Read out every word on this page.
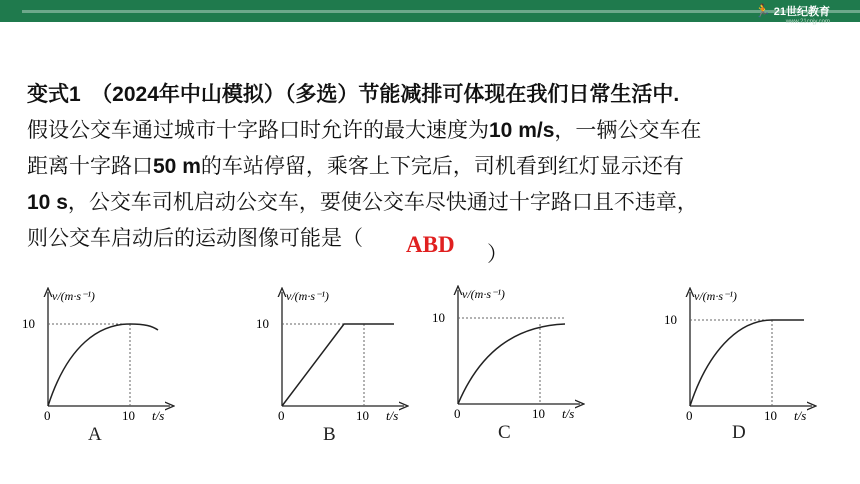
🏃 21世纪教育
www.21cnjy.com
变式1　（2024年中山模拟）（多选）节能减排可体现在我们日常生活中.
假设公交车通过城市十字路口时允许的最大速度为10 m/s，一辆公交车在
距离十字路口50 m的车站停留，乘客上下完后，司机看到红灯显示还有
10 s，公交车司机启动公交车，要使公交车尽快通过十字路口且不违章，
则公交车启动后的运动图像可能是（	ABD ）
v/(m·s⁻¹)
10
0	10 t/s
A
v/(m·s⁻¹)
10
0	10 t/s
B
v/(m·s⁻¹)
10
0	10 t/s
C
v/(m·s⁻¹)
10
0	10 t/s
D
